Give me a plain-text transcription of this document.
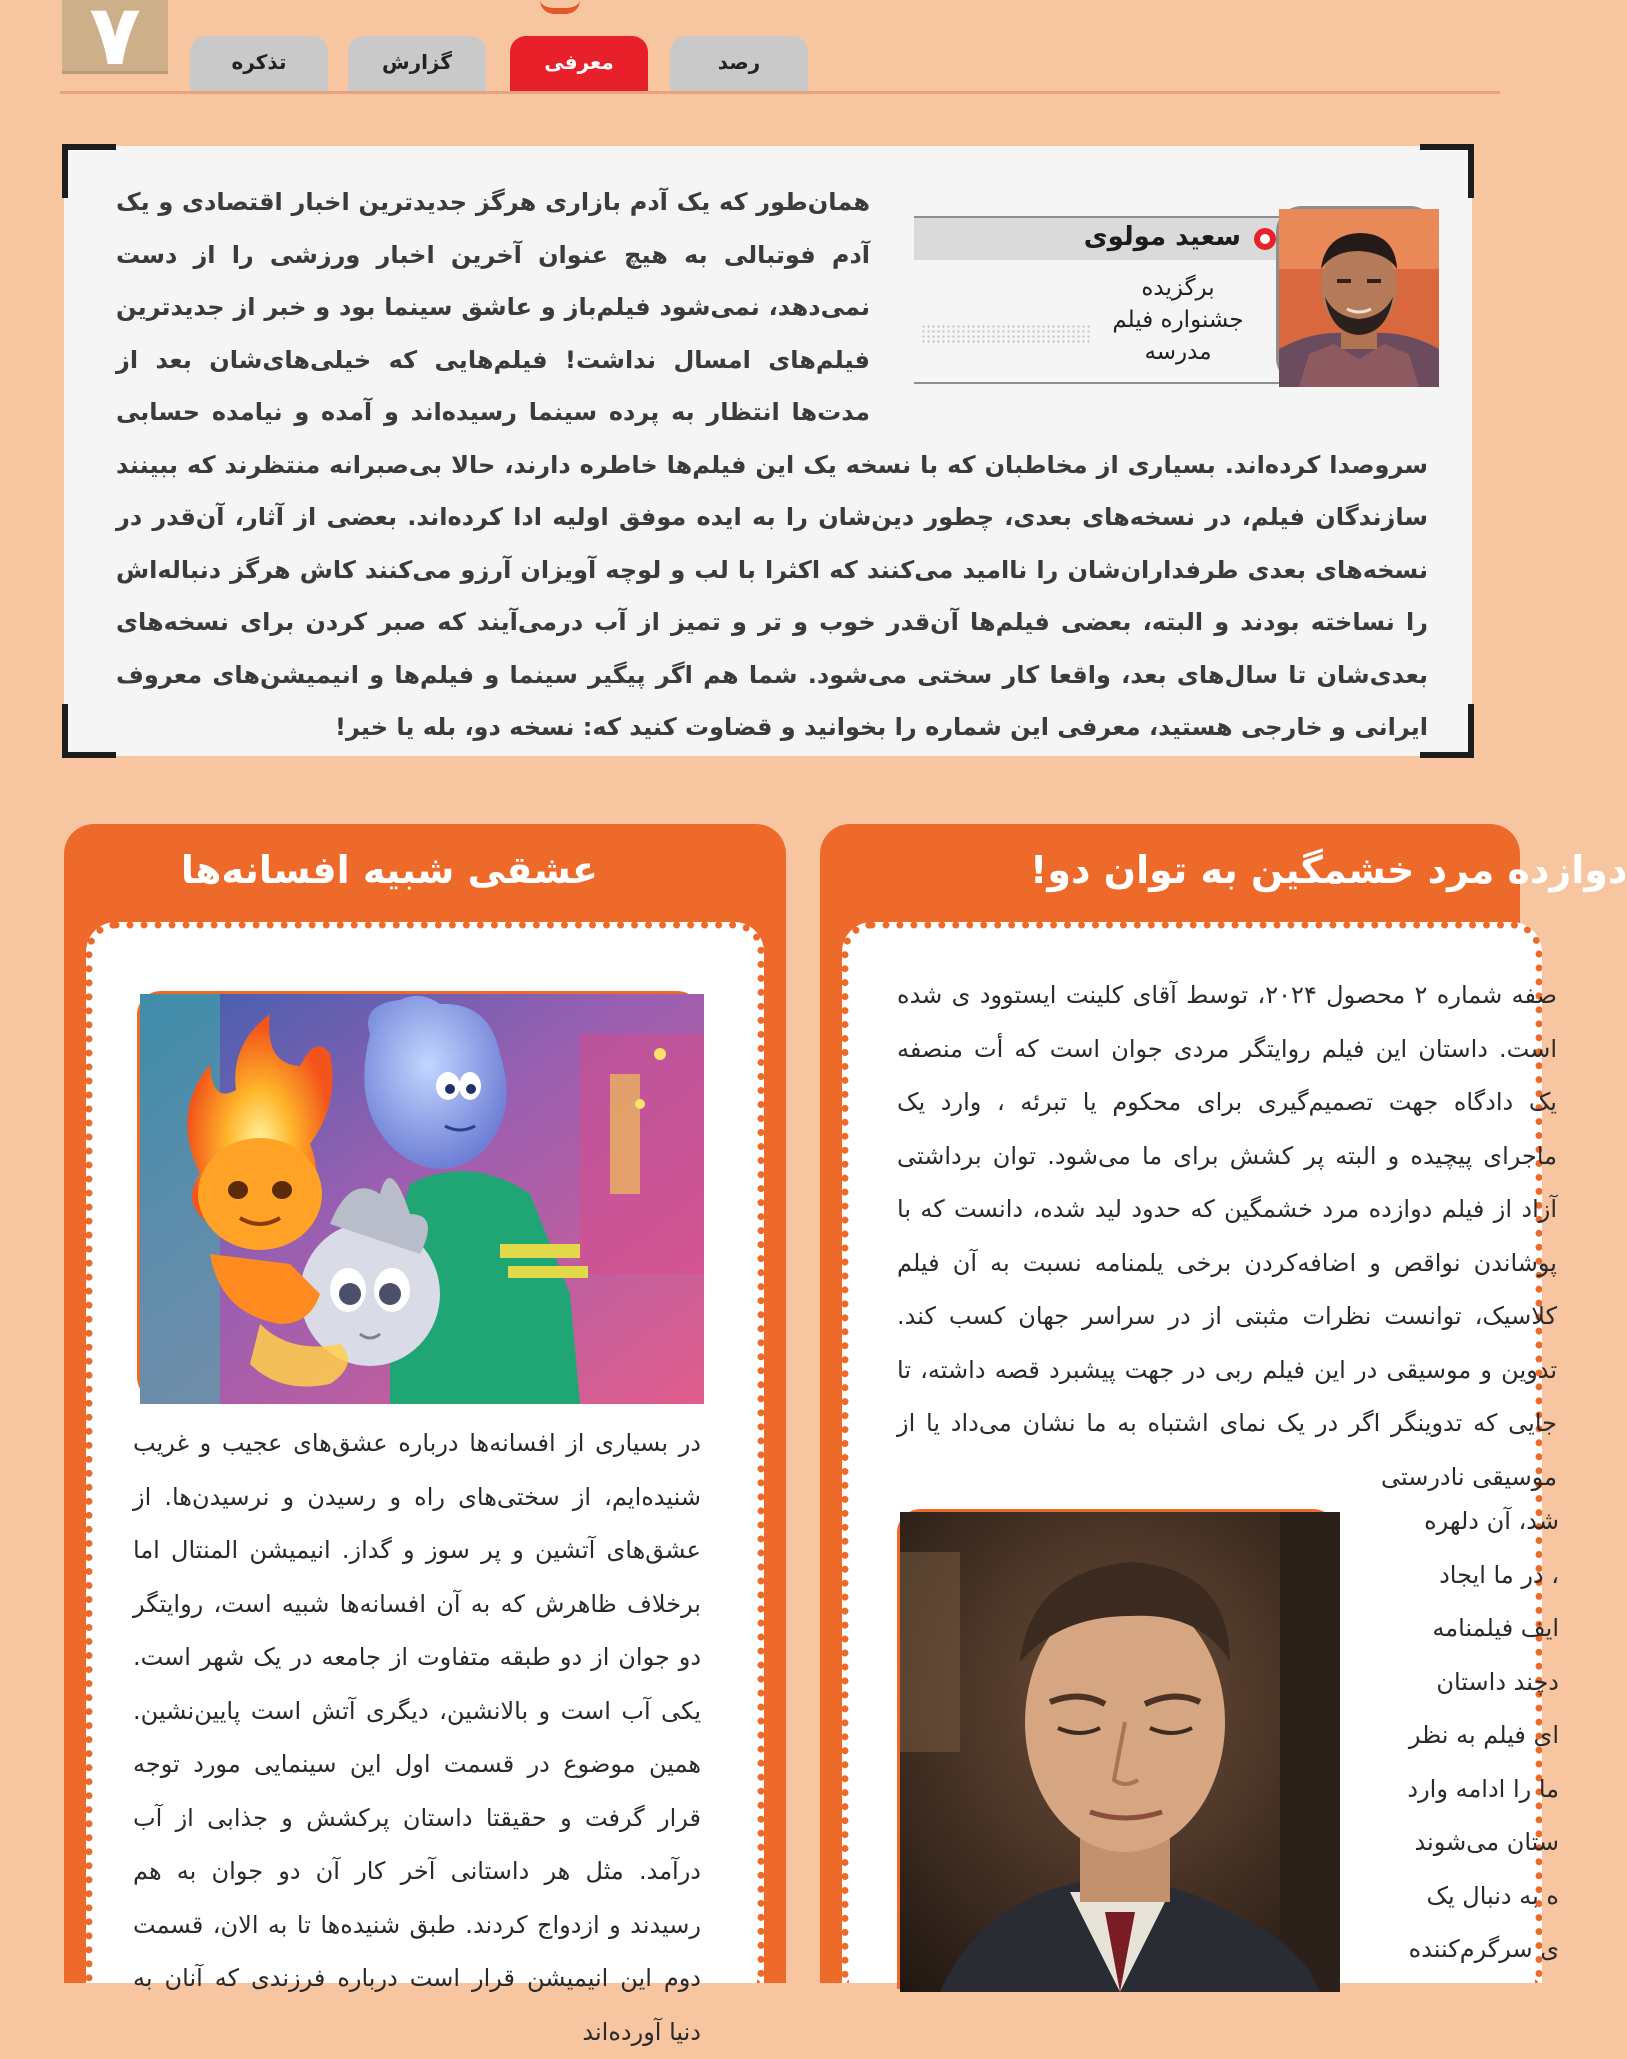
۷	تذکره	گزارش	معرفی	رصد
سعید مولوی
برگزیده
جشنواره فیلم
مدرسه
همان‌طور که یک آدم بازاری هرگز جدیدترین اخبار اقتصادی و یک آدم فوتبالی به هیچ عنوان آخرین اخبار ورزشی را از دست نمی‌دهد، نمی‌شود فیلم‌باز و عاشق سینما بود و خبر از جدیدترین فیلم‌های امسال نداشت! فیلم‌هایی که خیلی‌های‌شان بعد از مدت‌ها انتظار به پرده سینما رسیده‌اند و آمده و نیامده حسابی سروصدا کرده‌اند. بسیاری از مخاطبان که با نسخه یک این فیلم‌ها خاطره دارند، حالا بی‌صبرانه منتظرند که ببینند سازندگان فیلم، در نسخه‌های بعدی، چطور دین‌شان را به ایده موفق اولیه ادا کرده‌اند. بعضی از آثار، آن‌قدر در نسخه‌های بعدی طرفداران‌شان را ناامید می‌کنند که اکثرا با لب و لوچه آویزان آرزو می‌کنند کاش هرگز دنباله‌اش را نساخته بودند و البته، بعضی فیلم‌ها آن‌قدر خوب و تر و تمیز از آب درمی‌آیند که صبر کردن برای نسخه‌های بعدی‌شان تا سال‌های بعد، واقعا کار سختی می‌شود. شما هم اگر پیگیر سینما و فیلم‌ها و انیمیشن‌های معروف ایرانی و خارجی هستید، معرفی این شماره را بخوانید و قضاوت کنید که: نسخه دو، بله یا خیر!
عشقی شبیه افسانه‌ها
در بسیاری از افسانه‌ها درباره عشق‌های عجیب و غریب شنیده‌ایم، از سختی‌های راه و رسیدن و نرسیدن‌ها. از عشق‌های آتشین و پر سوز و گداز. انیمیشن المنتال اما برخلاف ظاهرش که به آن افسانه‌ها شبیه است، روایتگر دو جوان از دو طبقه متفاوت از جامعه در یک شهر است. یکی آب است و بالانشین، دیگری آتش است پایین‌نشین. همین موضوع در قسمت اول این سینمایی مورد توجه قرار گرفت و حقیقتا داستان پرکشش و جذابی از آب درآمد. مثل هر داستانی آخر کار آن دو جوان به هم رسیدند و ازدواج کردند. طبق شنیده‌ها تا به الان، قسمت دوم این انیمیشن قرار است درباره فرزندی که آنان به دنیا آورده‌اند
دوازده مرد خشمگین به توان دو!
صفه شماره ۲ محصول ۲۰۲۴، توسط آقای کلینت ایستوود ی شده است. داستان این فیلم روایتگر مردی جوان است که أت منصفه یک دادگاه جهت تصمیم‌گیری برای محکوم یا تبرئه ، وارد یک ماجرای پیچیده و البته پر کشش برای ما می‌شود. توان برداشتی آزاد از فیلم دوازده مرد خشمگین که حدود لید شده، دانست که با پوشاندن نواقص و اضافه‌کردن برخی یلمنامه نسبت به آن فیلم کلاسیک، توانست نظرات مثبتی از در سراسر جهان کسب کند. تدوین و موسیقی در این فیلم ربی در جهت پیشبرد قصه داشته، تا جایی که تدوینگر اگر در یک نمای اشتباه به ما نشان می‌داد یا از موسیقی نادرستی
شد، آن دلهره
، در ما ایجاد
ایف فیلمنامه
دچند داستان
ای فیلم به نظر
ما را ادامه وارد
ستان می‌شوند
ه به دنبال یک
ی سرگرم‌کننده
